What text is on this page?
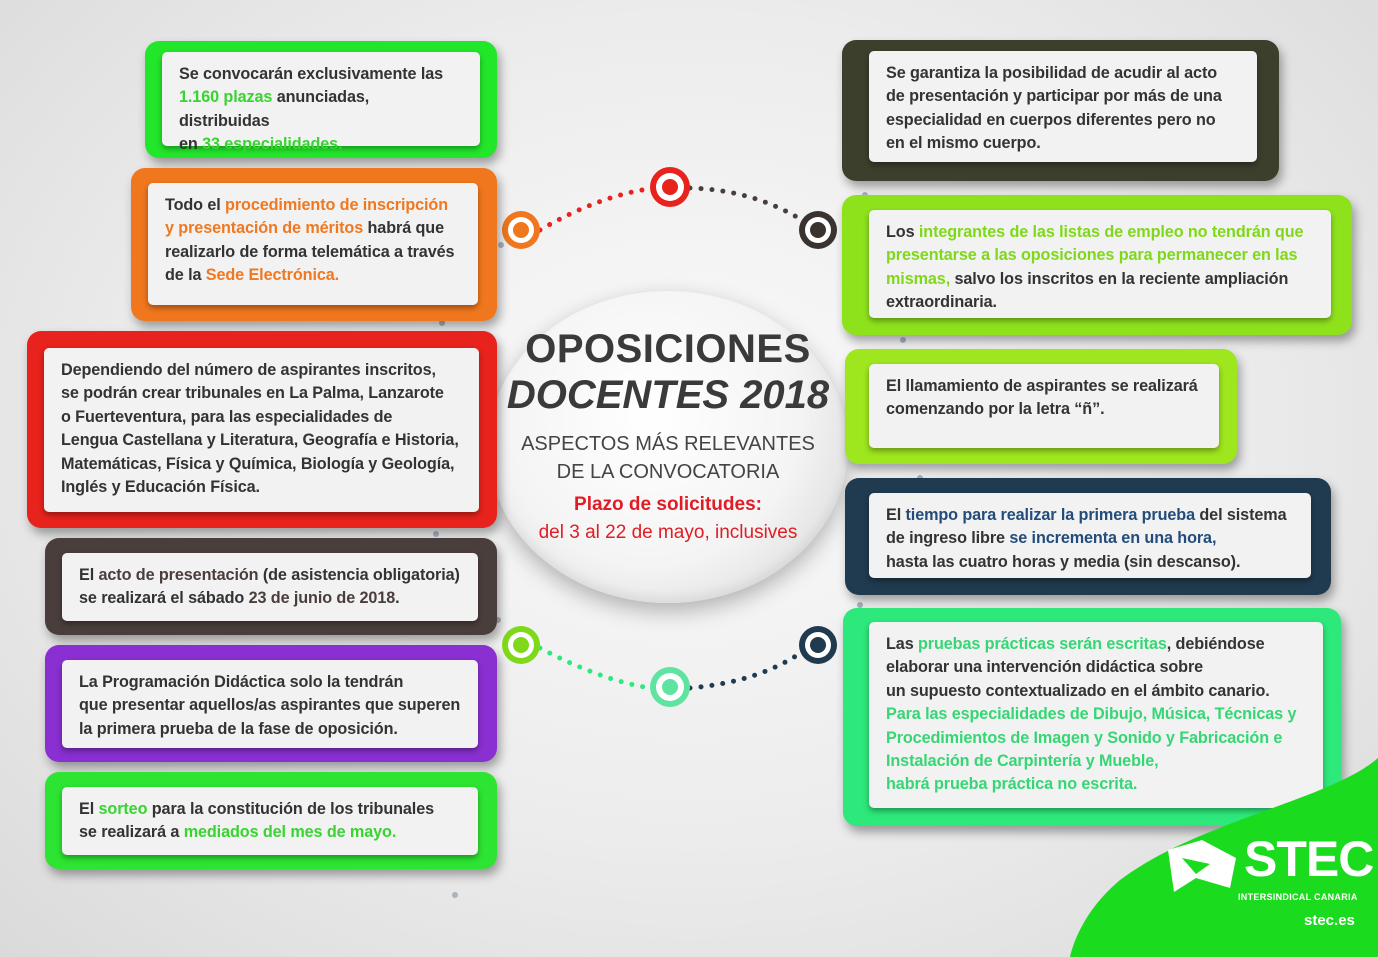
OPOSICIONES
DOCENTES 2018
ASPECTOS MÁS RELEVANTES
DE LA CONVOCATORIA
Plazo de solicitudes:
del 3 al 22 de mayo, inclusives

Se convocarán exclusivamente las

1.160 plazas anunciadas, distribuidas

en 33 especialidades.

Todo el procedimiento de inscripción

y presentación de méritos habrá que

realizarlo de forma telemática a través

de la Sede Electrónica.

Dependiendo del número de aspirantes inscritos,

se podrán crear tribunales en La Palma, Lanzarote

o Fuerteventura, para las especialidades de

Lengua Castellana y Literatura, Geografía e Historia,

Matemáticas, Física y Química, Biología y Geología,

Inglés y Educación Física.

El acto de presentación (de asistencia obligatoria)

se realizará el sábado 23 de junio de 2018.

La Programación Didáctica solo la tendrán

que presentar aquellos/as aspirantes que superen

la primera prueba de la fase de oposición.

El sorteo para la constitución de los tribunales

se realizará a mediados del mes de mayo.

Se garantiza la posibilidad de acudir al acto

de presentación y participar por más de una

especialidad en cuerpos diferentes pero no

en el mismo cuerpo.

Los integrantes de las listas de empleo no tendrán que

presentarse a las oposiciones para permanecer en las

mismas, salvo los inscritos en la reciente ampliación

extraordinaria.

El llamamiento de aspirantes se realizará

comenzando por la letra “ñ”.

El tiempo para realizar la primera prueba del sistema

de ingreso libre se incrementa en una hora,

hasta las cuatro horas y media (sin descanso).

Las pruebas prácticas serán escritas, debiéndose

elaborar una intervención didáctica sobre

un supuesto contextualizado en el ámbito canario.

Para las especialidades de Dibujo, Música, Técnicas y

Procedimientos de Imagen y Sonido y Fabricación e

Instalación de Carpintería y Mueble,

habrá prueba práctica no escrita.

STEC
INTERSINDICAL CANARIA
stec.es
